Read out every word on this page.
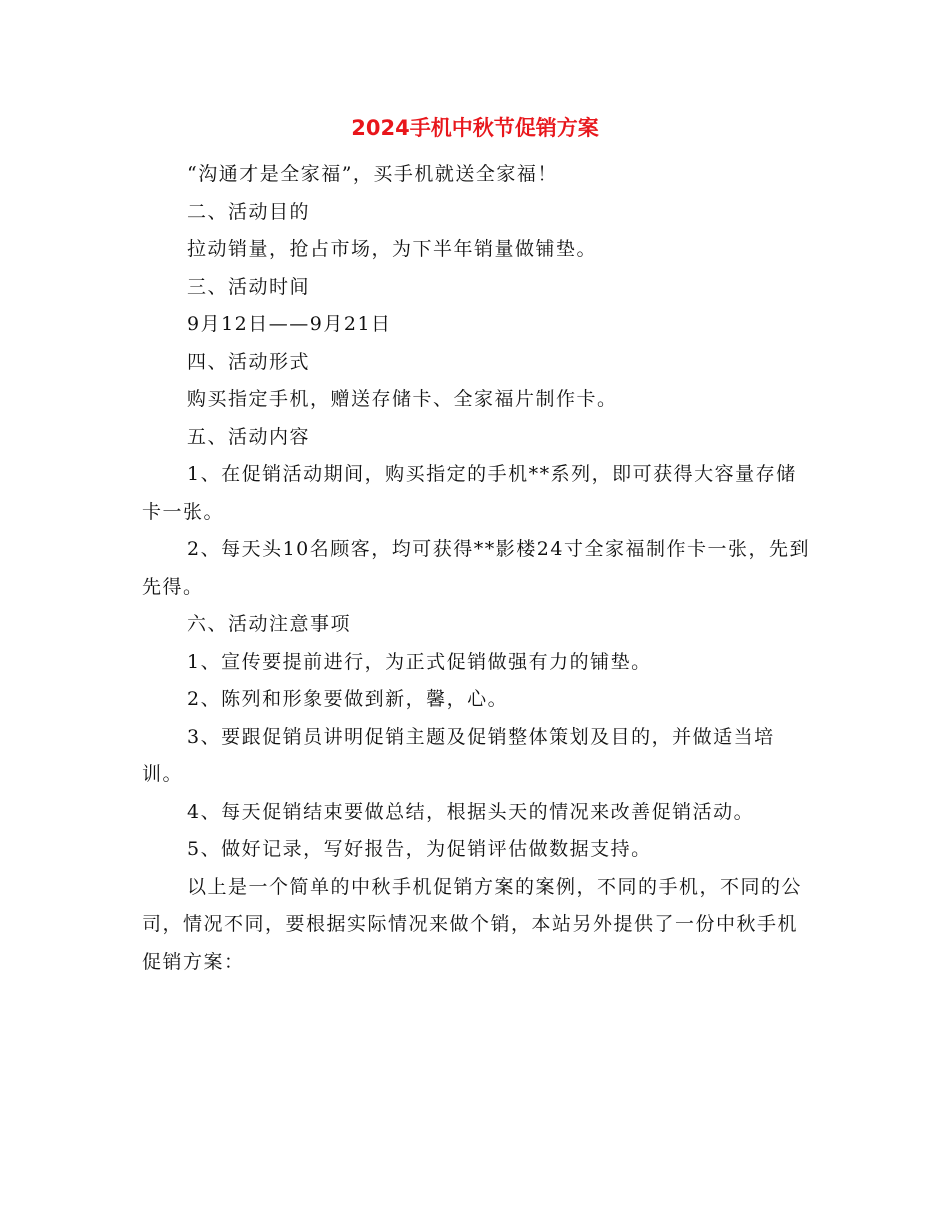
2024手机中秋节促销方案

“沟通才是全家福”，买手机就送全家福！

二、活动目的

拉动销量，抢占市场，为下半年销量做铺垫。

三、活动时间

9月12日——9月21日

四、活动形式

购买指定手机，赠送存储卡、全家福片制作卡。

五、活动内容

1、在促销活动期间，购买指定的手机**系列，即可获得大容量存储卡一张。

2、每天头10名顾客，均可获得**影楼24寸全家福制作卡一张，先到先得。

六、活动注意事项

1、宣传要提前进行，为正式促销做强有力的铺垫。

2、陈列和形象要做到新，馨，心。

3、要跟促销员讲明促销主题及促销整体策划及目的，并做适当培训。

4、每天促销结束要做总结，根据头天的情况来改善促销活动。

5、做好记录，写好报告，为促销评估做数据支持。

以上是一个简单的中秋手机促销方案的案例，不同的手机，不同的公司，情况不同，要根据实际情况来做个销，本站另外提供了一份中秋手机促销方案：
